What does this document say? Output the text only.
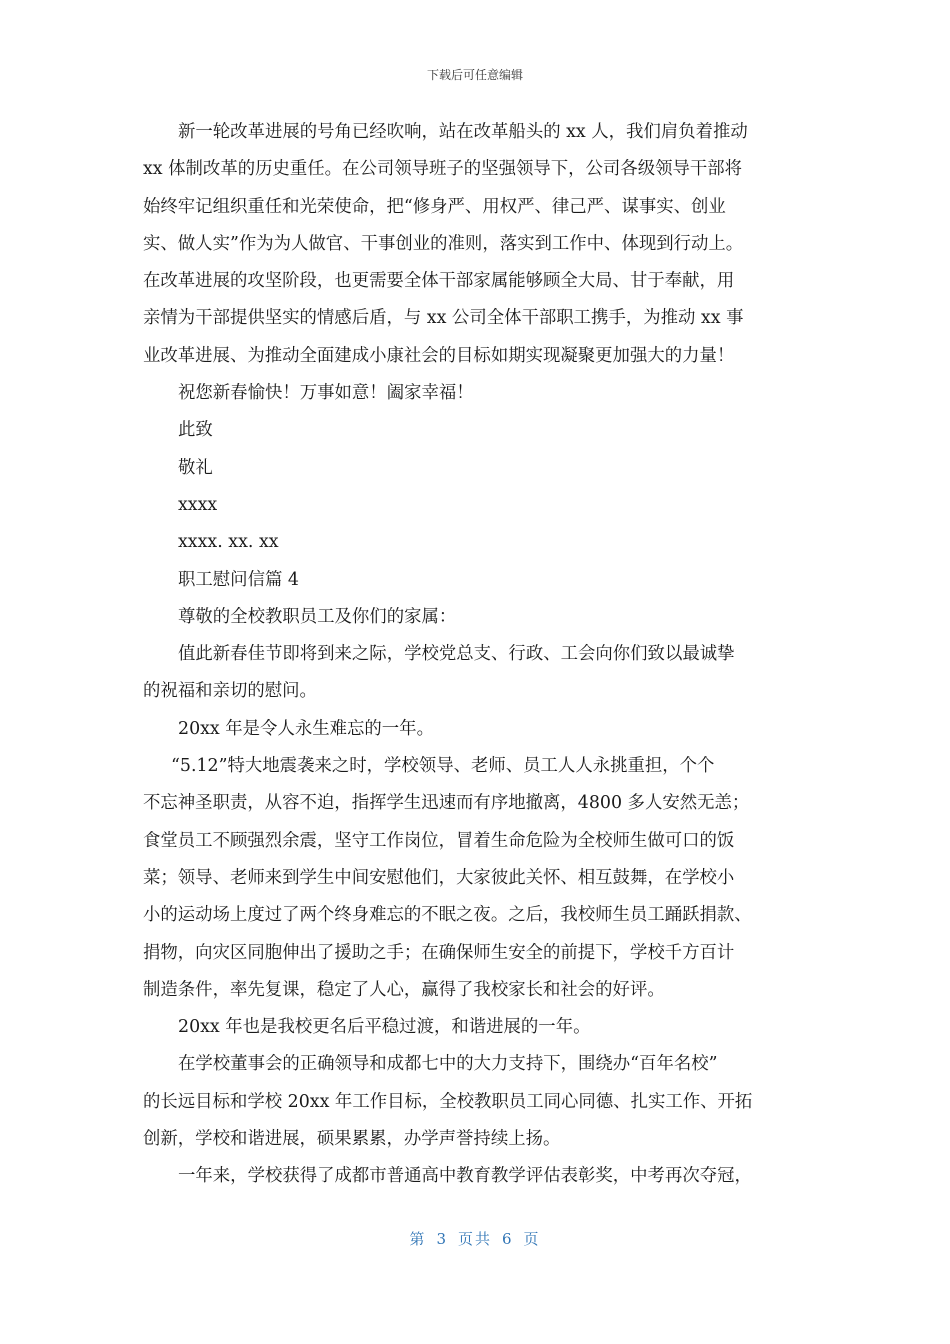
下载后可任意编辑

新一轮改革进展的号角已经吹响，站在改革船头的 xx 人，我们肩负着推动
xx 体制改革的历史重任。在公司领导班子的坚强领导下，公司各级领导干部将
始终牢记组织重任和光荣使命，把“修身严、用权严、律己严、谋事实、创业
实、做人实”作为为人做官、干事创业的准则，落实到工作中、体现到行动上。
在改革进展的攻坚阶段，也更需要全体干部家属能够顾全大局、甘于奉献，用
亲情为干部提供坚实的情感后盾，与 xx 公司全体干部职工携手，为推动 xx 事
业改革进展、为推动全面建成小康社会的目标如期实现凝聚更加强大的力量！

祝您新春愉快！万事如意！阖家幸福！

此致

敬礼

xxxx

xxxx. xx. xx

职工慰问信篇 4

尊敬的全校教职员工及你们的家属：

值此新春佳节即将到来之际，学校党总支、行政、工会向你们致以最诚挚
的祝福和亲切的慰问。

20xx 年是令人永生难忘的一年。

“5.12”特大地震袭来之时，学校领导、老师、员工人人永挑重担，个个
不忘神圣职责，从容不迫，指挥学生迅速而有序地撤离，4800 多人安然无恙；
食堂员工不顾强烈余震，坚守工作岗位，冒着生命危险为全校师生做可口的饭
菜；领导、老师来到学生中间安慰他们，大家彼此关怀、相互鼓舞，在学校小
小的运动场上度过了两个终身难忘的不眠之夜。之后，我校师生员工踊跃捐款、
捐物，向灾区同胞伸出了援助之手；在确保师生安全的前提下，学校千方百计
制造条件，率先复课，稳定了人心，赢得了我校家长和社会的好评。

20xx 年也是我校更名后平稳过渡，和谐进展的一年。

在学校董事会的正确领导和成都七中的大力支持下，围绕办“百年名校”
的长远目标和学校 20xx 年工作目标，全校教职员工同心同德、扎实工作、开拓
创新，学校和谐进展，硕果累累，办学声誉持续上扬。

一年来，学校获得了成都市普通高中教育教学评估表彰奖，中考再次夺冠，

第 3 页共 6 页
